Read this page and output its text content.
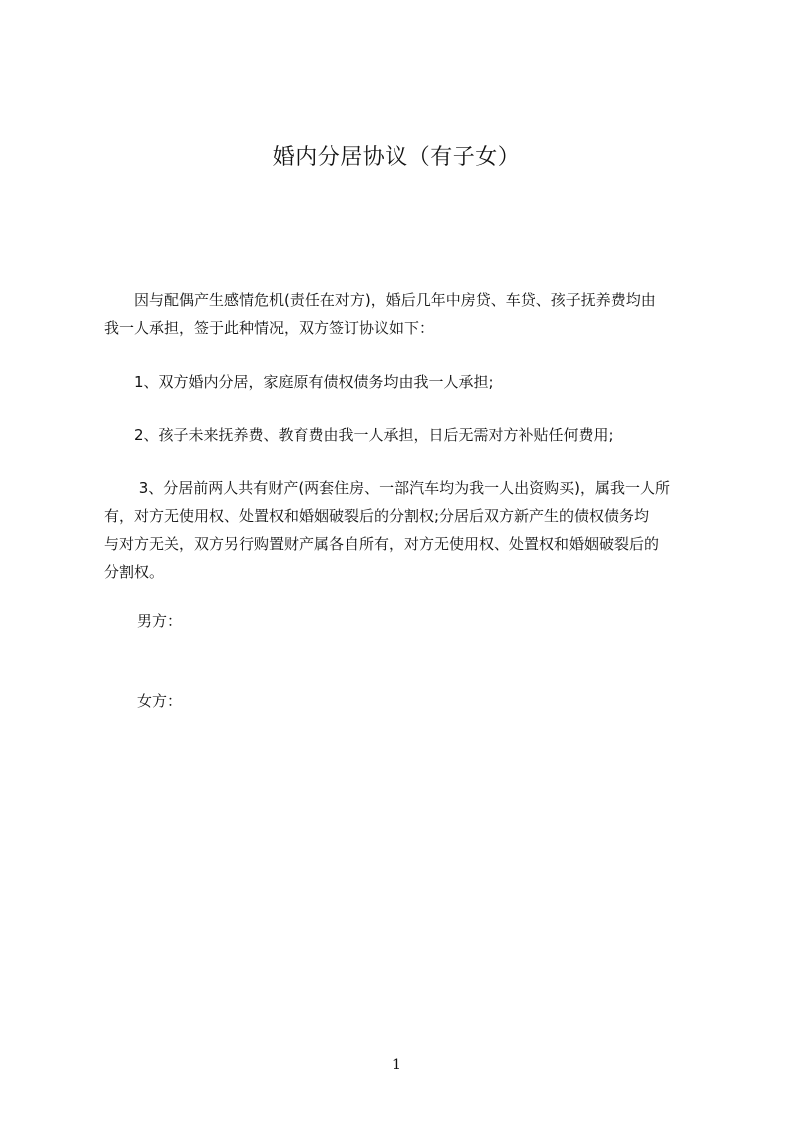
婚内分居协议（有子女）
　　因与配偶产生感情危机(责任在对方)，婚后几年中房贷、车贷、孩子抚养费均由
我一人承担，签于此种情况，双方签订协议如下：
　　1、双方婚内分居，家庭原有债权债务均由我一人承担;
　　2、孩子未来抚养费、教育费由我一人承担，日后无需对方补贴任何费用;
　　 3、分居前两人共有财产(两套住房、一部汽车均为我一人出资购买)，属我一人所
有，对方无使用权、处置权和婚姻破裂后的分割权;分居后双方新产生的债权债务均
与对方无关，双方另行购置财产属各自所有，对方无使用权、处置权和婚姻破裂后的
分割权。

男方：

女方：

1
